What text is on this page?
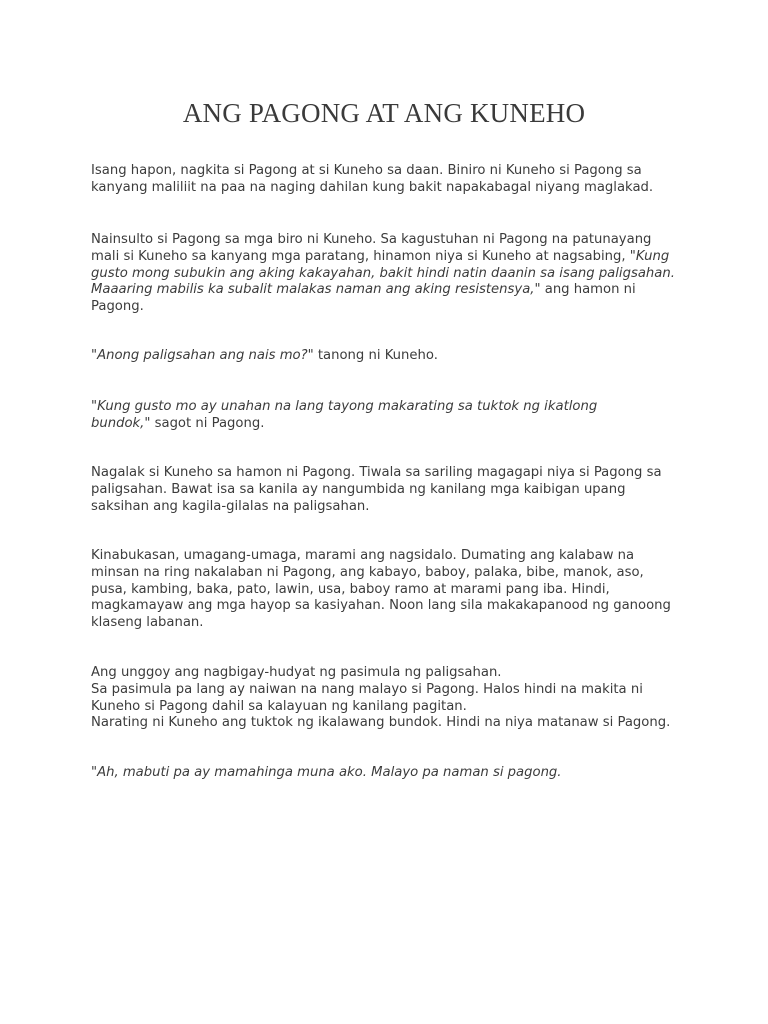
ANG PAGONG AT ANG KUNEHO

Isang hapon, nagkita si Pagong at si Kuneho sa daan. Biniro ni Kuneho si Pagong sa
kanyang maliliit na paa na naging dahilan kung bakit napakabagal niyang maglakad.

Nainsulto si Pagong sa mga biro ni Kuneho. Sa kagustuhan ni Pagong na patunayang
mali si Kuneho sa kanyang mga paratang, hinamon niya si Kuneho at nagsabing, "Kung
gusto mong subukin ang aking kakayahan, bakit hindi natin daanin sa isang paligsahan.
Maaaring mabilis ka subalit malakas naman ang aking resistensya," ang hamon ni
Pagong.

"Anong paligsahan ang nais mo?" tanong ni Kuneho.

"Kung gusto mo ay unahan na lang tayong makarating sa tuktok ng ikatlong
bundok," sagot ni Pagong.

Nagalak si Kuneho sa hamon ni Pagong. Tiwala sa sariling magagapi niya si Pagong sa
paligsahan. Bawat isa sa kanila ay nangumbida ng kanilang mga kaibigan upang
saksihan ang kagila-gilalas na paligsahan.

Kinabukasan, umagang-umaga, marami ang nagsidalo. Dumating ang kalabaw na
minsan na ring nakalaban ni Pagong, ang kabayo, baboy, palaka, bibe, manok, aso,
pusa, kambing, baka, pato, lawin, usa, baboy ramo at marami pang iba. Hindi,
magkamayaw ang mga hayop sa kasiyahan. Noon lang sila makakapanood ng ganoong
klaseng labanan.

Ang unggoy ang nagbigay-hudyat ng pasimula ng paligsahan.
Sa pasimula pa lang ay naiwan na nang malayo si Pagong. Halos hindi na makita ni
Kuneho si Pagong dahil sa kalayuan ng kanilang pagitan.
Narating ni Kuneho ang tuktok ng ikalawang bundok. Hindi na niya matanaw si Pagong.

"Ah, mabuti pa ay mamahinga muna ako. Malayo pa naman si pagong.
